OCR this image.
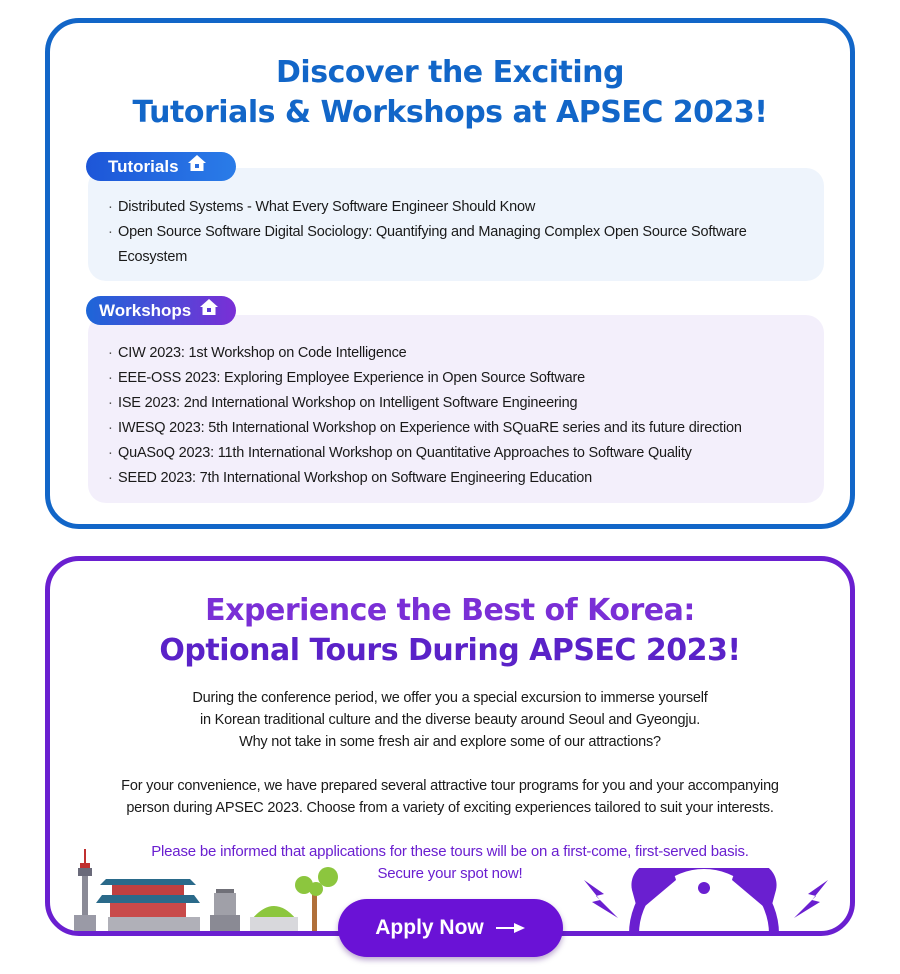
Discover the Exciting
Tutorials & Workshops at APSEC 2023!
· Distributed Systems - What Every Software Engineer Should Know
· Open Source Software Digital Sociology: Quantifying and Managing Complex Open Source Software Ecosystem
Tutorials
· CIW 2023: 1st Workshop on Code Intelligence
· EEE-OSS 2023: Exploring Employee Experience in Open Source Software
· ISE 2023: 2nd International Workshop on Intelligent Software Engineering
· IWESQ 2023: 5th International Workshop on Experience with SQuaRE series and its future direction
· QuASoQ 2023: 11th International Workshop on Quantitative Approaches to Software Quality
· SEED 2023: 7th International Workshop on Software Engineering Education
Workshops
Experience the Best of Korea:
Optional Tours During APSEC 2023!
During the conference period, we offer you a special excursion to immerse yourself
in Korean traditional culture and the diverse beauty around Seoul and Gyeongju.
Why not take in some fresh air and explore some of our attractions?
For your convenience, we have prepared several attractive tour programs for you and your accompanying
person during APSEC 2023. Choose from a variety of exciting experiences tailored to suit your interests.
Please be informed that applications for these tours will be on a first-come, first-served basis.
Secure your spot now!
Apply Now
